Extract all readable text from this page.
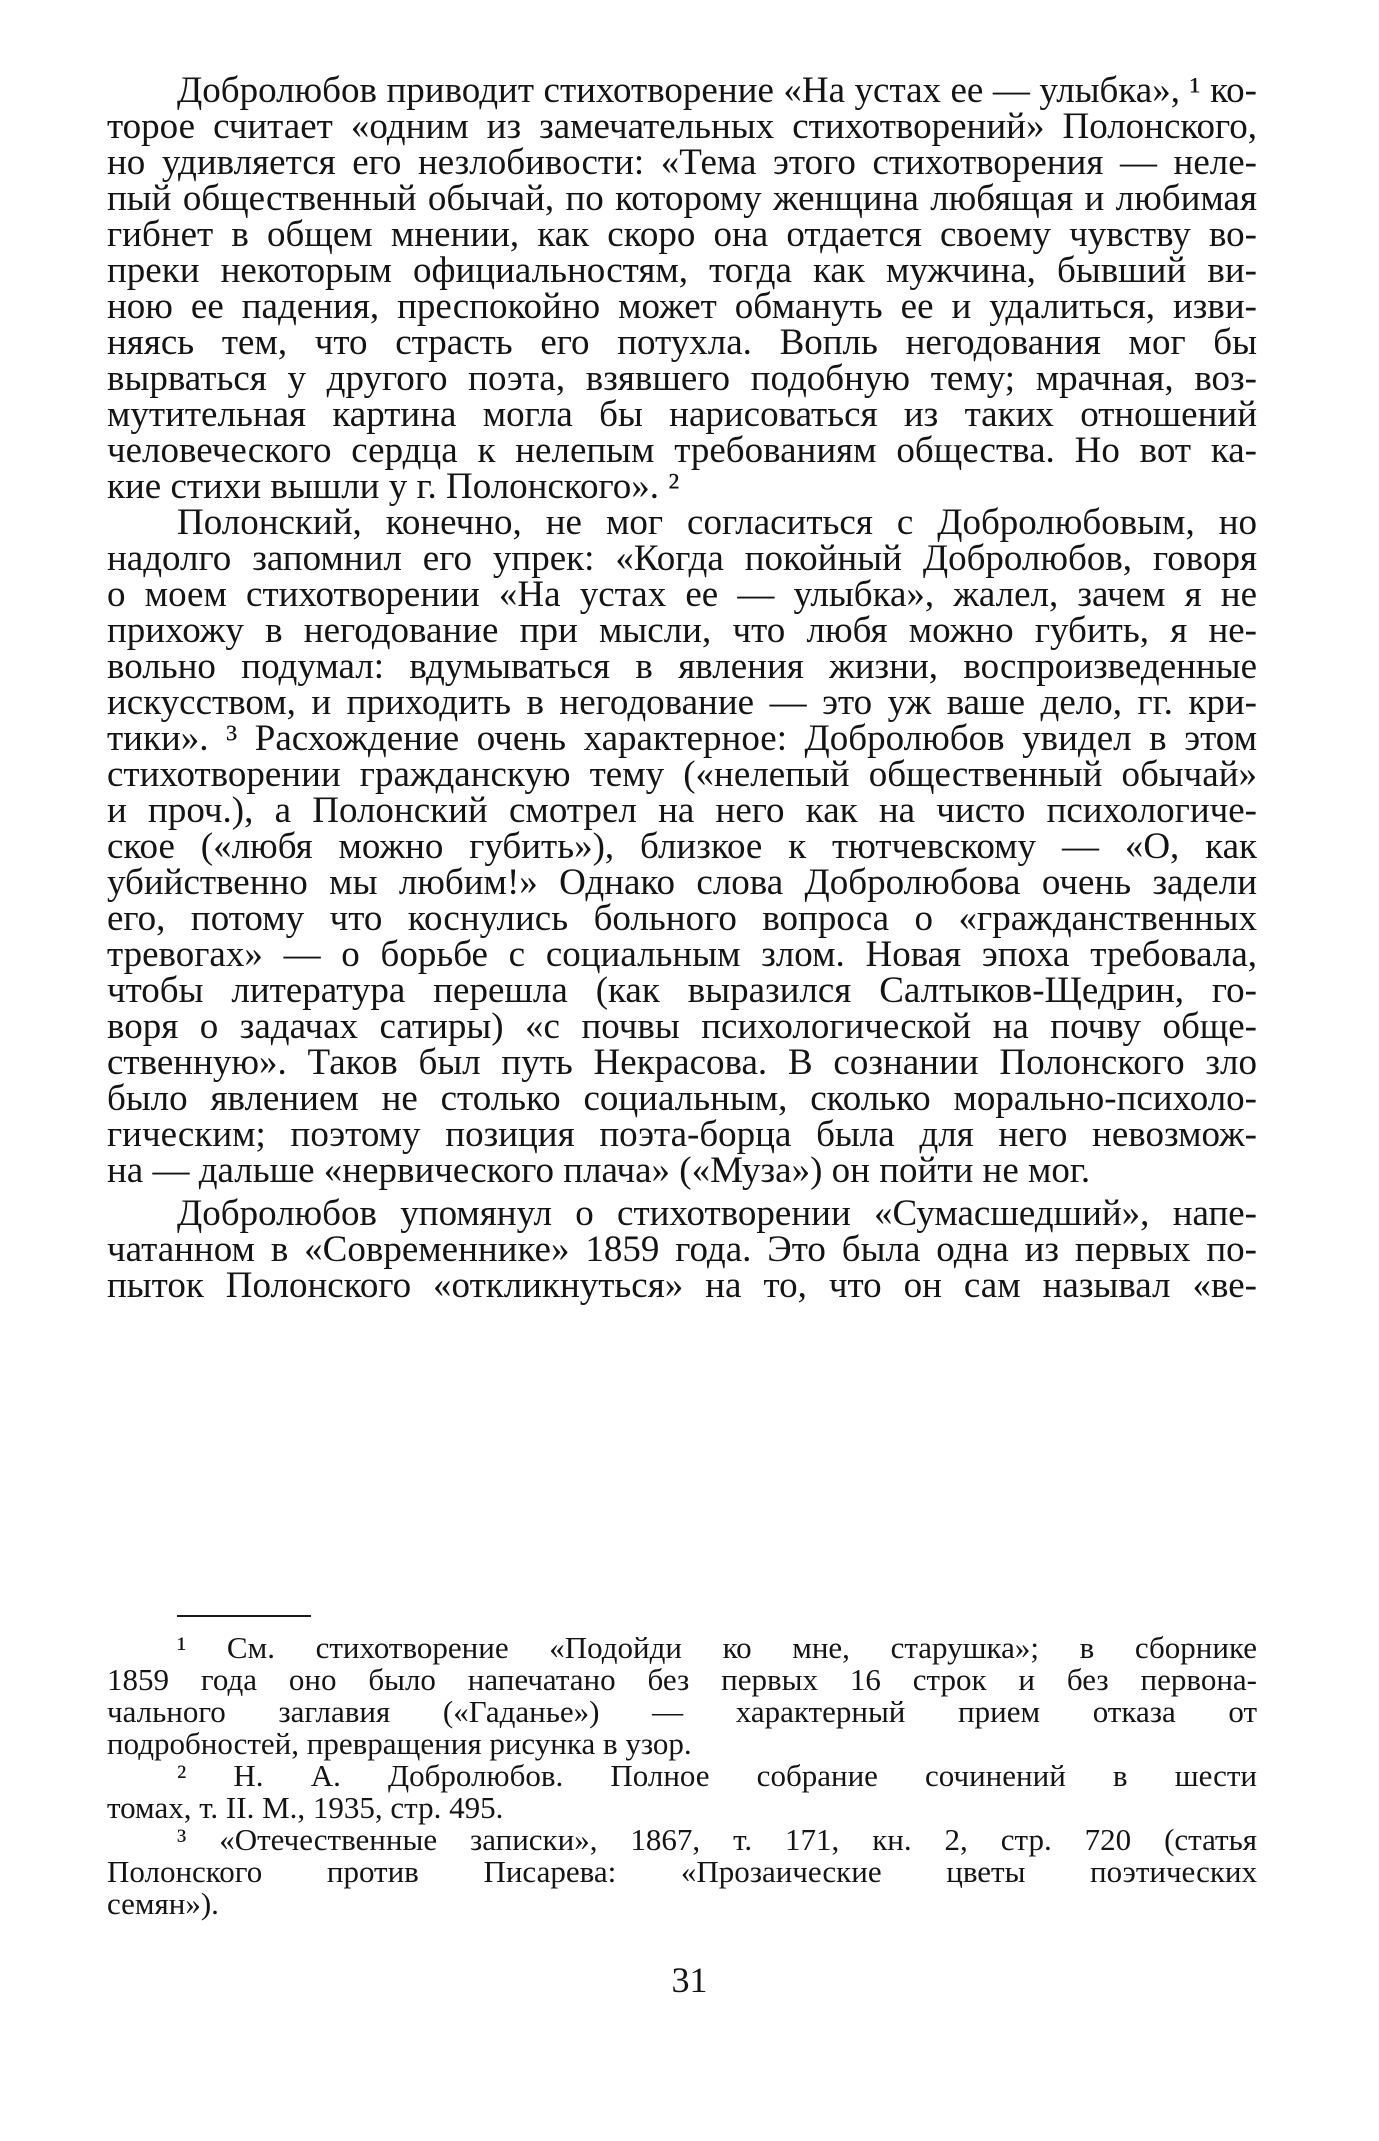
Добролюбов приводит стихотворение «На устах ее — улыбка», ¹ ко-
торое считает «одним из замечательных стихотворений» Полонского,
но удивляется его незлобивости: «Тема этого стихотворения — неле-
пый общественный обычай, по которому женщина любящая и любимая
гибнет в общем мнении, как скоро она отдается своему чувству во-
преки некоторым официальностям, тогда как мужчина, бывший ви-
ною ее падения, преспокойно может обмануть ее и удалиться, изви-
няясь тем, что страсть его потухла. Вопль негодования мог бы
вырваться у другого поэта, взявшего подобную тему; мрачная, воз-
мутительная картина могла бы нарисоваться из таких отношений
человеческого сердца к нелепым требованиям общества. Но вот ка-
кие стихи вышли у г. Полонского». ²
Полонский, конечно, не мог согласиться с Добролюбовым, но
надолго запомнил его упрек: «Когда покойный Добролюбов, говоря
о моем стихотворении «На устах ее — улыбка», жалел, зачем я не
прихожу в негодование при мысли, что любя можно губить, я не-
вольно подумал: вдумываться в явления жизни, воспроизведенные
искусством, и приходить в негодование — это уж ваше дело, гг. кри-
тики». ³ Расхождение очень характерное: Добролюбов увидел в этом
стихотворении гражданскую тему («нелепый общественный обычай»
и проч.), а Полонский смотрел на него как на чисто психологиче-
ское («любя можно губить»), близкое к тютчевскому — «О, как
убийственно мы любим!» Однако слова Добролюбова очень задели
его, потому что коснулись больного вопроса о «гражданственных
тревогах» — о борьбе с социальным злом. Новая эпоха требовала,
чтобы литература перешла (как выразился Салтыков-Щедрин, го-
воря о задачах сатиры) «с почвы психологической на почву обще-
ственную». Таков был путь Некрасова. В сознании Полонского зло
было явлением не столько социальным, сколько морально-психоло-
гическим; поэтому позиция поэта-борца была для него невозмож-
на — дальше «нервического плача» («Муза») он пойти не мог.
Добролюбов упомянул о стихотворении «Сумасшедший», напе-
чатанном в «Современнике» 1859 года. Это была одна из первых по-
пыток Полонского «откликнуться» на то, что он сам называл «ве-
¹ См. стихотворение «Подойди ко мне, старушка»; в сборнике
1859 года оно было напечатано без первых 16 строк и без первона-
чального заглавия («Гаданье») — характерный прием отказа от
подробностей, превращения рисунка в узор.
² Н. А. Добролюбов. Полное собрание сочинений в шести
томах, т. II. М., 1935, стр. 495.
³ «Отечественные записки», 1867, т. 171, кн. 2, стр. 720 (статья
Полонского против Писарева: «Прозаические цветы поэтических
семян»).
31
